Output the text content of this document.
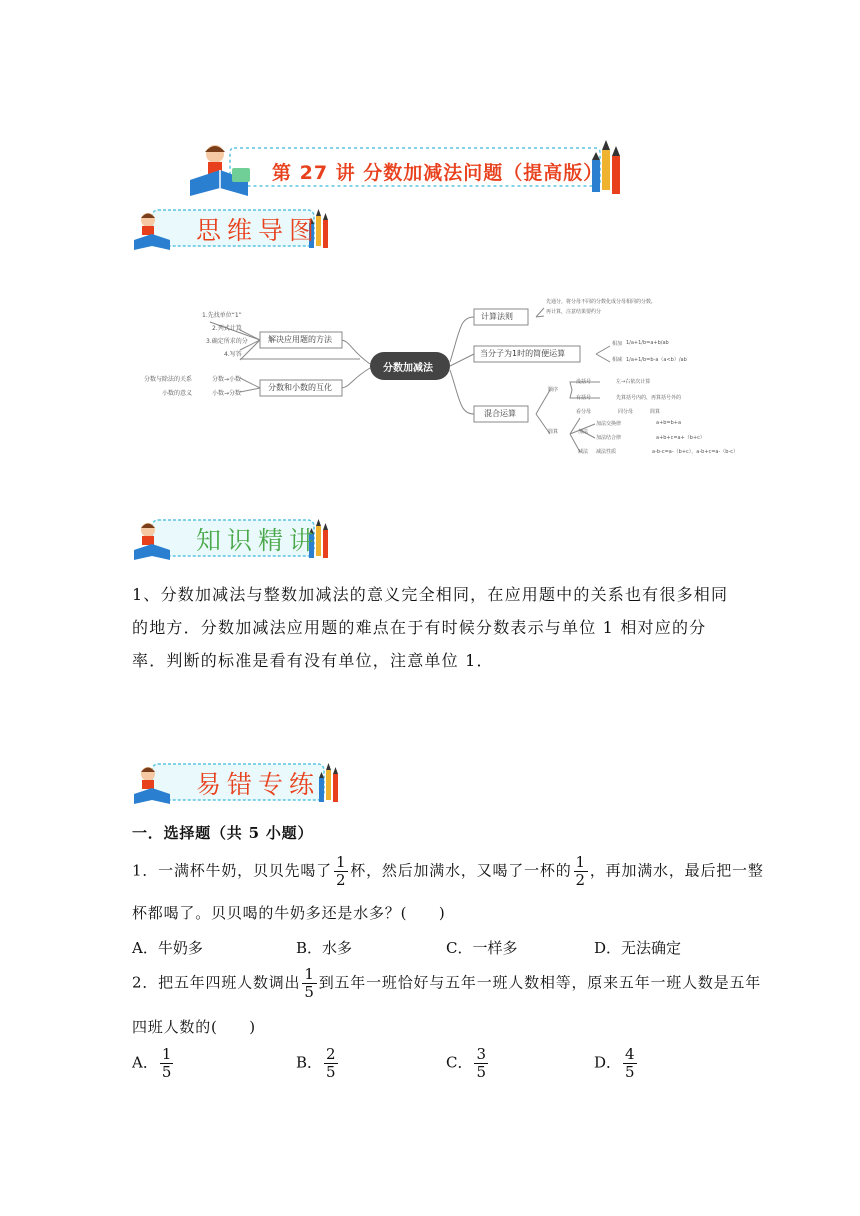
第 27 讲 分数加减法问题（提高版）
思维导图
分数加减法
解决应用题的方法
1.先找单位“1”
2.列式计算
3.确定所求的分
4.写答
分数和小数的互化
分数与除法的关系	分数→小数
小数的意义	小数→分数
计算法则
先通分，将分母不同的分数化成分母相同的分数,
再计算，注意结果要约分
当分子为1时的简便运算
相加 1/a+1/b=a+b/ab
相减 1/a+1/b=b-a（a<b）/ab
混合运算
顺序
没括号	左→右依次计算
有括号	先算括号内的，再算括号外的
简算
看分母	同分母	简算
加法
加法交换律	a+b=b+a
加法结合律	a+b+c=a+（b+c）
减法 减法性质	a-b-c=a-（b+c），a-b+c=a-（b-c）
知识精讲
1、分数加减法与整数加减法的意义完全相同，在应用题中的关系也有很多相同
的地方．分数加减法应用题的难点在于有时候分数表示与单位 1 相对应的分
率．判断的标准是看有没有单位，注意单位 1．
易错专练
一．选择题（共 5 小题）
1．一满杯牛奶，贝贝先喝了 $\frac{1}{2}$ 杯，然后加满水，又喝了一杯的 $\frac{1}{2}$ ，再加满水，最后把一整
杯都喝了。贝贝喝的牛奶多还是水多？(　　)
A．牛奶多	B．水多	C．一样多	D．无法确定
2．把五年四班人数调出 $\frac{1}{5}$ 到五年一班恰好与五年一班人数相等，原来五年一班人数是五年
四班人数的(　　)
A． $\frac{1}{5}$	B． $\frac{2}{5}$	C． $\frac{3}{5}$	D． $\frac{4}{5}$
